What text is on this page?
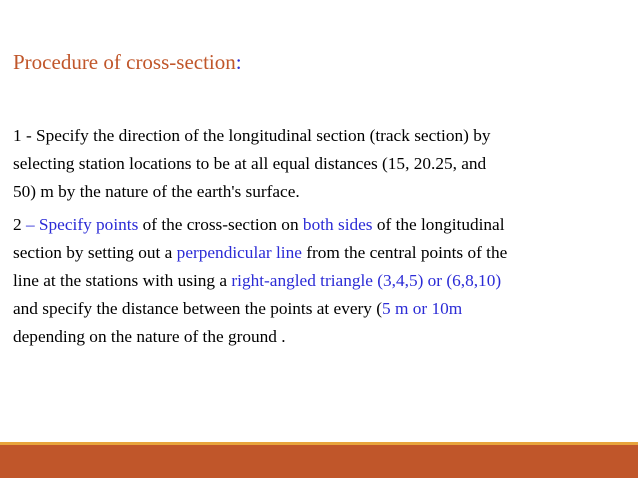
Procedure of cross-section:
1 - Specify the direction of the longitudinal section (track section) by
selecting station locations to be at all equal distances (15, 20.25, and
50) m by the nature of the earth's surface.
2 – Specify points of the cross-section on both sides of the longitudinal
section by setting out a perpendicular line from the central points of the
line at the stations with using a right-angled triangle (3,4,5) or (6,8,10)
and specify the distance between the points at every (5 m or 10m
depending on the nature of the ground .
